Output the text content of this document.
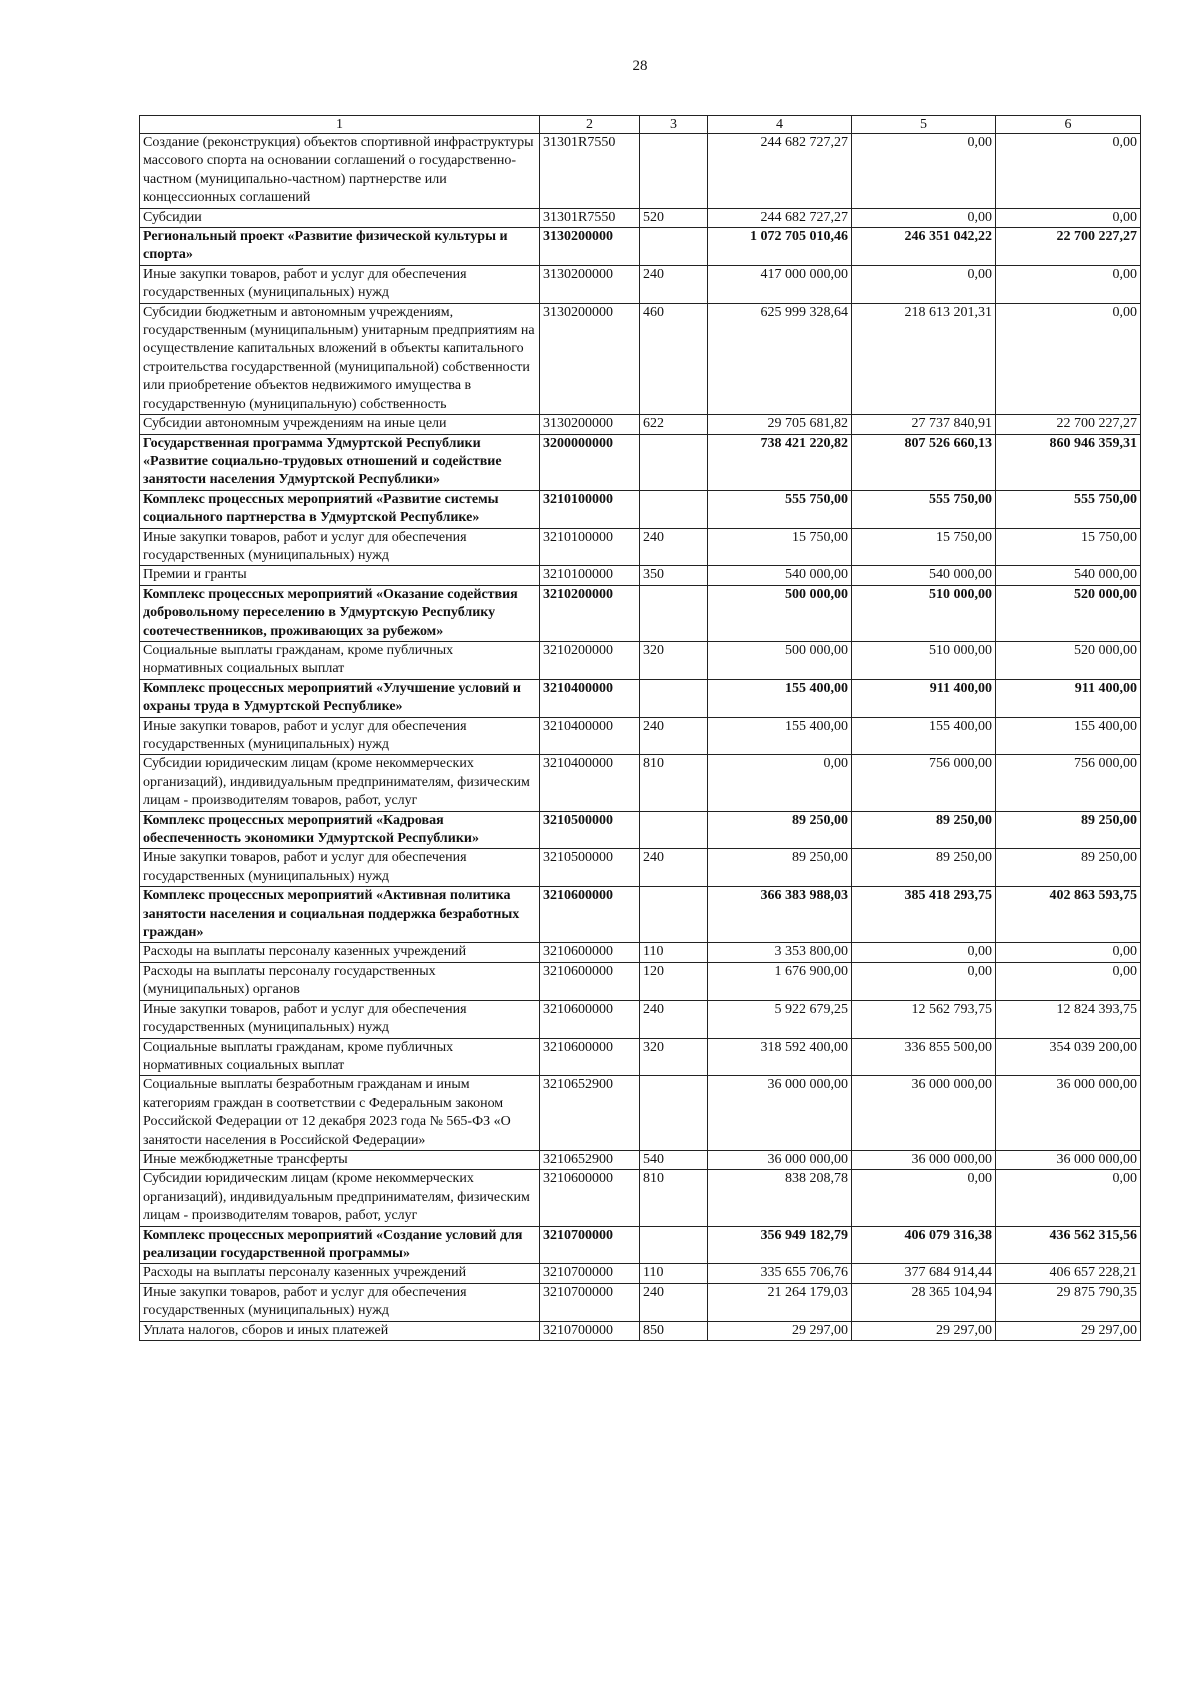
28
1	2	3	4	5	6
Создание (реконструкция) объектов спортивной инфраструктуры массового спорта на основании соглашений о государственно-частном (муниципально-частном) партнерстве или концессионных соглашений	31301R7550		244 682 727,27	0,00	0,00
Субсидии	31301R7550	520	244 682 727,27	0,00	0,00
Региональный проект «Развитие физической культуры и спорта»	3130200000		1 072 705 010,46	246 351 042,22	22 700 227,27
Иные закупки товаров, работ и услуг для обеспечения государственных (муниципальных) нужд	3130200000	240	417 000 000,00	0,00	0,00
Субсидии бюджетным и автономным учреждениям, государственным (муниципальным) унитарным предприятиям на осуществление капитальных вложений в объекты капитального строительства государственной (муниципальной) собственности или приобретение объектов недвижимого имущества в государственную (муниципальную) собственность	3130200000	460	625 999 328,64	218 613 201,31	0,00
Субсидии автономным учреждениям на иные цели	3130200000	622	29 705 681,82	27 737 840,91	22 700 227,27
Государственная программа Удмуртской Республики «Развитие социально-трудовых отношений и содействие занятости населения Удмуртской Республики»	3200000000		738 421 220,82	807 526 660,13	860 946 359,31
Комплекс процессных мероприятий «Развитие системы социального партнерства в Удмуртской Республике»	3210100000		555 750,00	555 750,00	555 750,00
Иные закупки товаров, работ и услуг для обеспечения государственных (муниципальных) нужд	3210100000	240	15 750,00	15 750,00	15 750,00
Премии и гранты	3210100000	350	540 000,00	540 000,00	540 000,00
Комплекс процессных мероприятий «Оказание содействия добровольному переселению в Удмуртскую Республику соотечественников, проживающих за рубежом»	3210200000		500 000,00	510 000,00	520 000,00
Социальные выплаты гражданам, кроме публичных нормативных социальных выплат	3210200000	320	500 000,00	510 000,00	520 000,00
Комплекс процессных мероприятий «Улучшение условий и охраны труда в Удмуртской Республике»	3210400000		155 400,00	911 400,00	911 400,00
Иные закупки товаров, работ и услуг для обеспечения государственных (муниципальных) нужд	3210400000	240	155 400,00	155 400,00	155 400,00
Субсидии юридическим лицам (кроме некоммерческих организаций), индивидуальным предпринимателям, физическим лицам - производителям товаров, работ, услуг	3210400000	810	0,00	756 000,00	756 000,00
Комплекс процессных мероприятий «Кадровая обеспеченность экономики Удмуртской Республики»	3210500000		89 250,00	89 250,00	89 250,00
Иные закупки товаров, работ и услуг для обеспечения государственных (муниципальных) нужд	3210500000	240	89 250,00	89 250,00	89 250,00
Комплекс процессных мероприятий «Активная политика занятости населения и социальная поддержка безработных граждан»	3210600000		366 383 988,03	385 418 293,75	402 863 593,75
Расходы на выплаты персоналу казенных учреждений	3210600000	110	3 353 800,00	0,00	0,00
Расходы на выплаты персоналу государственных (муниципальных) органов	3210600000	120	1 676 900,00	0,00	0,00
Иные закупки товаров, работ и услуг для обеспечения государственных (муниципальных) нужд	3210600000	240	5 922 679,25	12 562 793,75	12 824 393,75
Социальные выплаты гражданам, кроме публичных нормативных социальных выплат	3210600000	320	318 592 400,00	336 855 500,00	354 039 200,00
Социальные выплаты безработным гражданам и иным категориям граждан в соответствии с Федеральным законом Российской Федерации от 12 декабря 2023 года № 565-ФЗ «О занятости населения в Российской Федерации»	3210652900		36 000 000,00	36 000 000,00	36 000 000,00
Иные межбюджетные трансферты	3210652900	540	36 000 000,00	36 000 000,00	36 000 000,00
Субсидии юридическим лицам (кроме некоммерческих организаций), индивидуальным предпринимателям, физическим лицам - производителям товаров, работ, услуг	3210600000	810	838 208,78	0,00	0,00
Комплекс процессных мероприятий «Создание условий для реализации государственной программы»	3210700000		356 949 182,79	406 079 316,38	436 562 315,56
Расходы на выплаты персоналу казенных учреждений	3210700000	110	335 655 706,76	377 684 914,44	406 657 228,21
Иные закупки товаров, работ и услуг для обеспечения государственных (муниципальных) нужд	3210700000	240	21 264 179,03	28 365 104,94	29 875 790,35
Уплата налогов, сборов и иных платежей	3210700000	850	29 297,00	29 297,00	29 297,00
